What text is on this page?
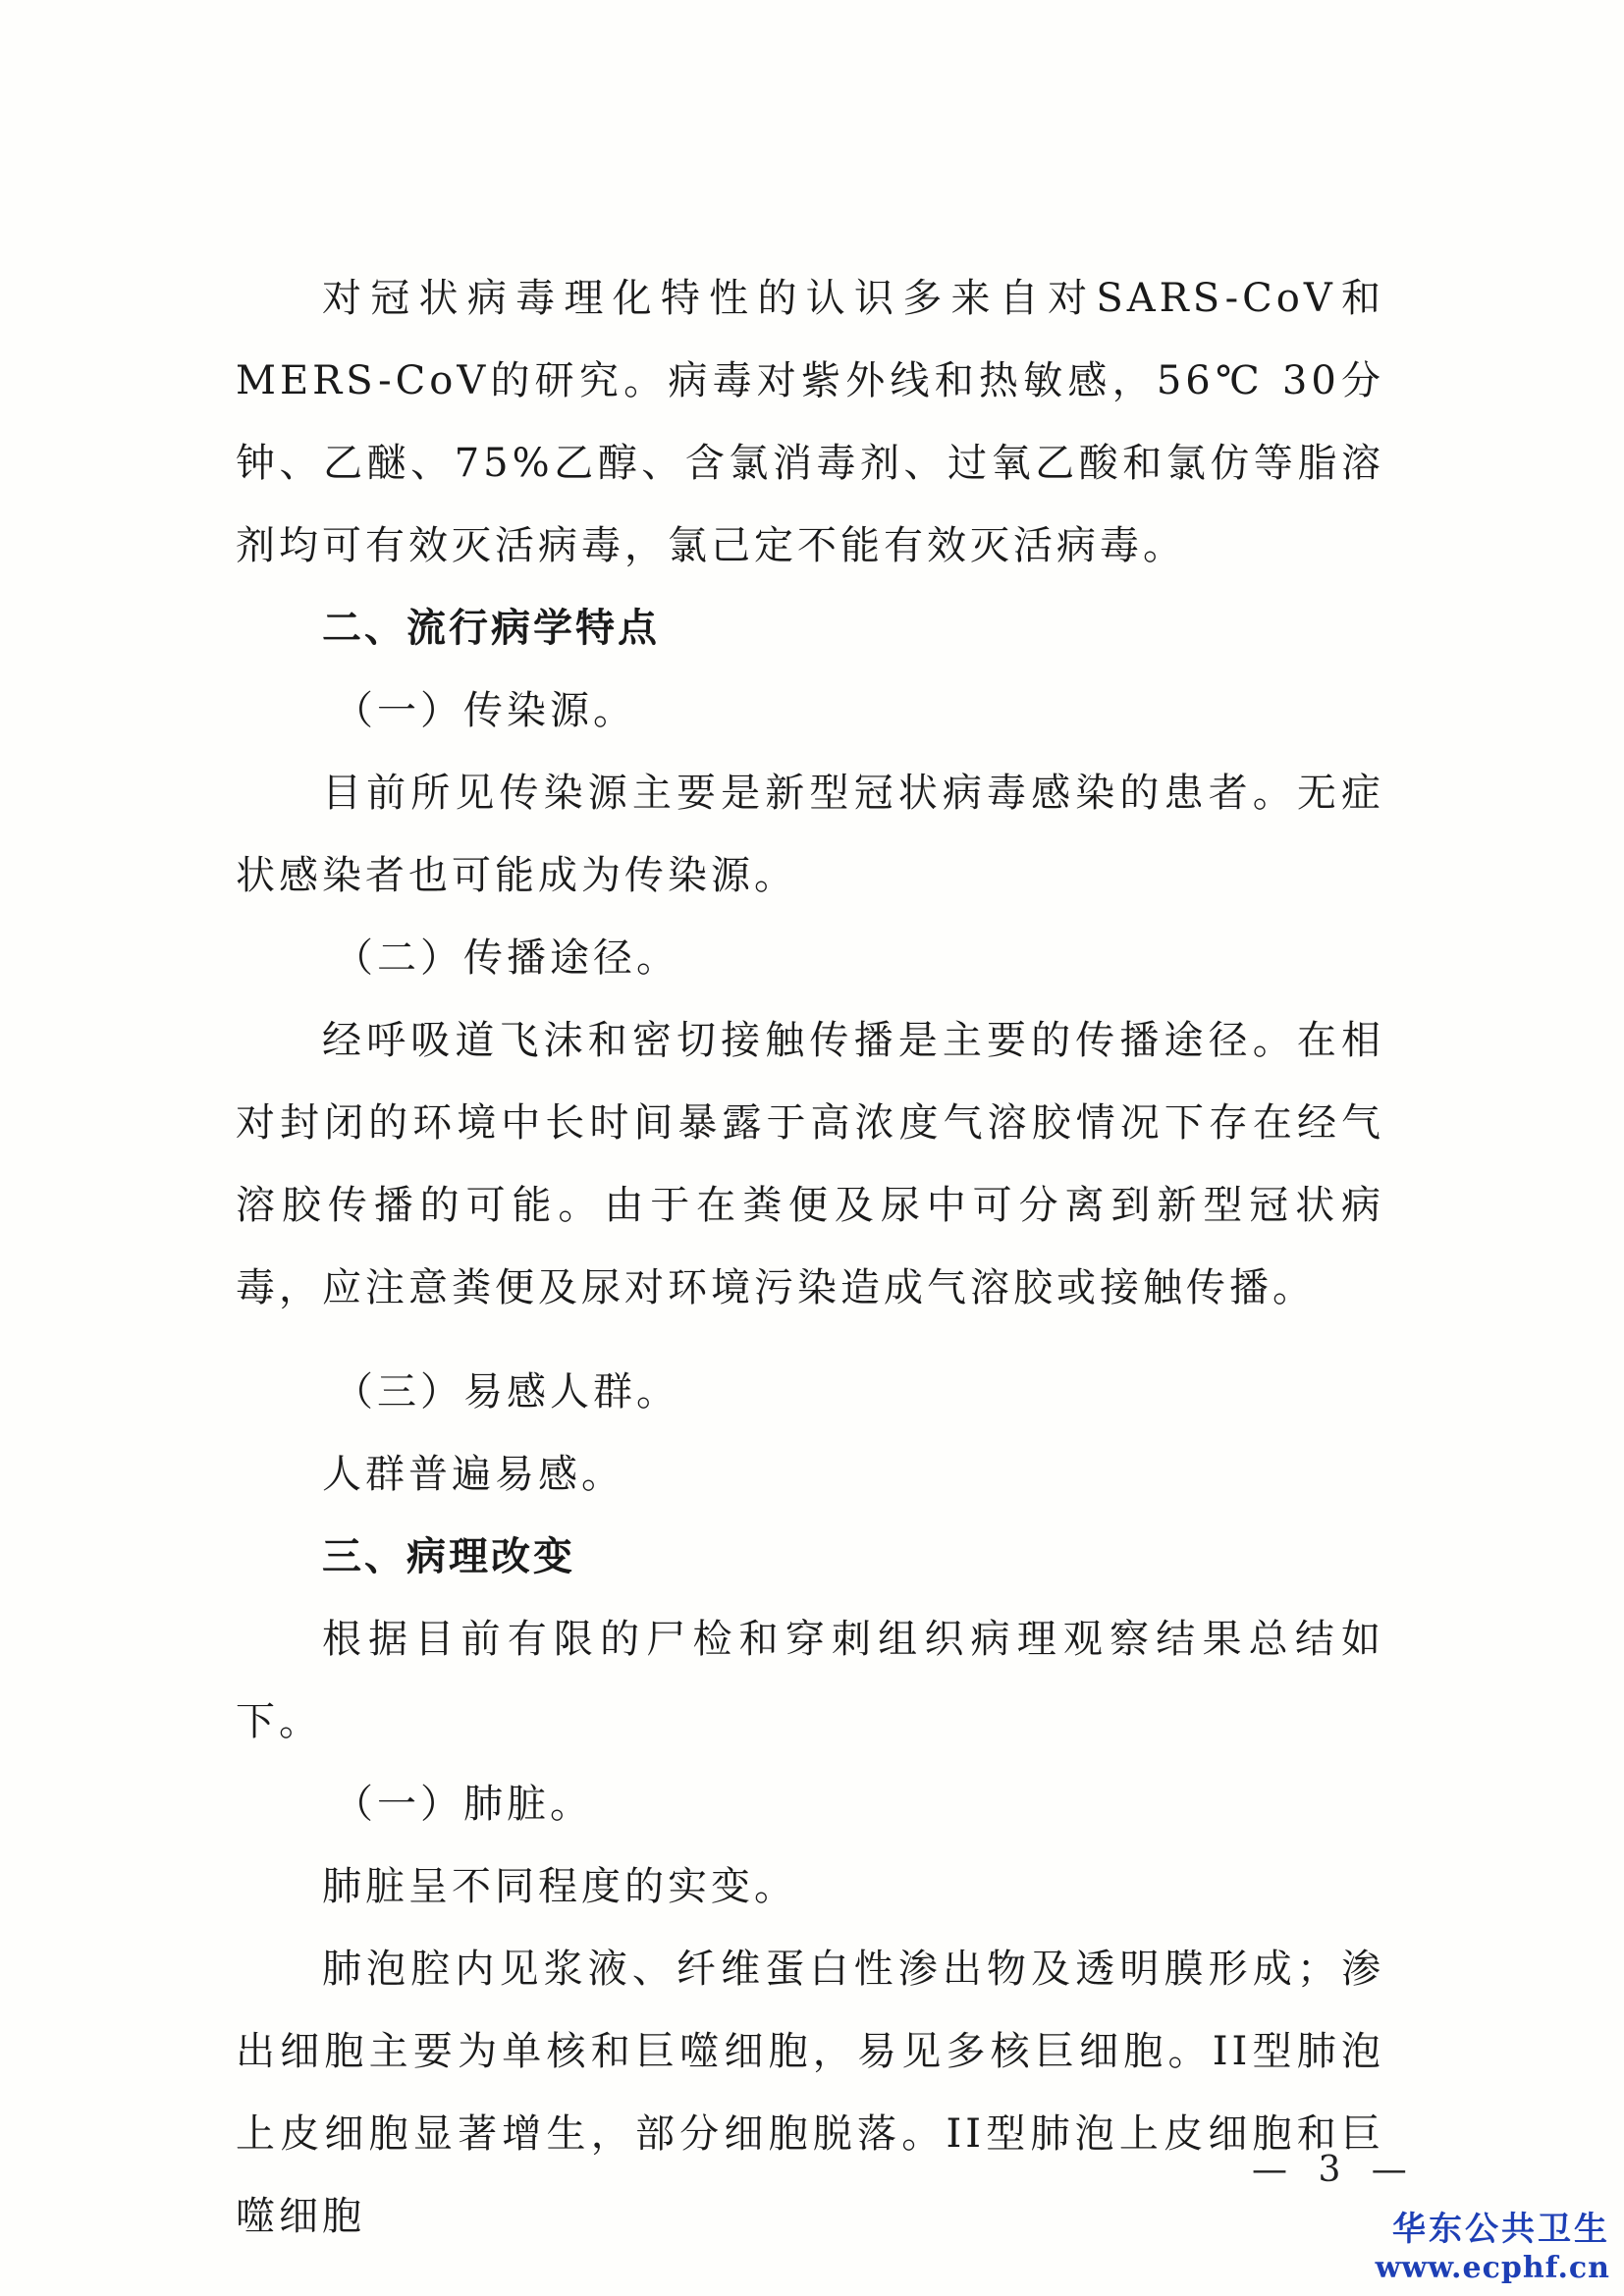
对冠状病毒理化特性的认识多来自对SARS-CoV和MERS-CoV的研究。病毒对紫外线和热敏感，56℃ 30分钟、乙醚、75%乙醇、含氯消毒剂、过氧乙酸和氯仿等脂溶剂均可有效灭活病毒，氯己定不能有效灭活病毒。

二、流行病学特点

（一）传染源。

目前所见传染源主要是新型冠状病毒感染的患者。无症状感染者也可能成为传染源。

（二）传播途径。

经呼吸道飞沫和密切接触传播是主要的传播途径。在相对封闭的环境中长时间暴露于高浓度气溶胶情况下存在经气溶胶传播的可能。由于在粪便及尿中可分离到新型冠状病毒，应注意粪便及尿对环境污染造成气溶胶或接触传播。

（三）易感人群。

人群普遍易感。

三、病理改变

根据目前有限的尸检和穿刺组织病理观察结果总结如下。

（一）肺脏。

肺脏呈不同程度的实变。

肺泡腔内见浆液、纤维蛋白性渗出物及透明膜形成；渗出细胞主要为单核和巨噬细胞，易见多核巨细胞。II型肺泡上皮细胞显著增生，部分细胞脱落。II型肺泡上皮细胞和巨噬细胞

— 3 —
华东公共卫生
www.ecphf.cn
